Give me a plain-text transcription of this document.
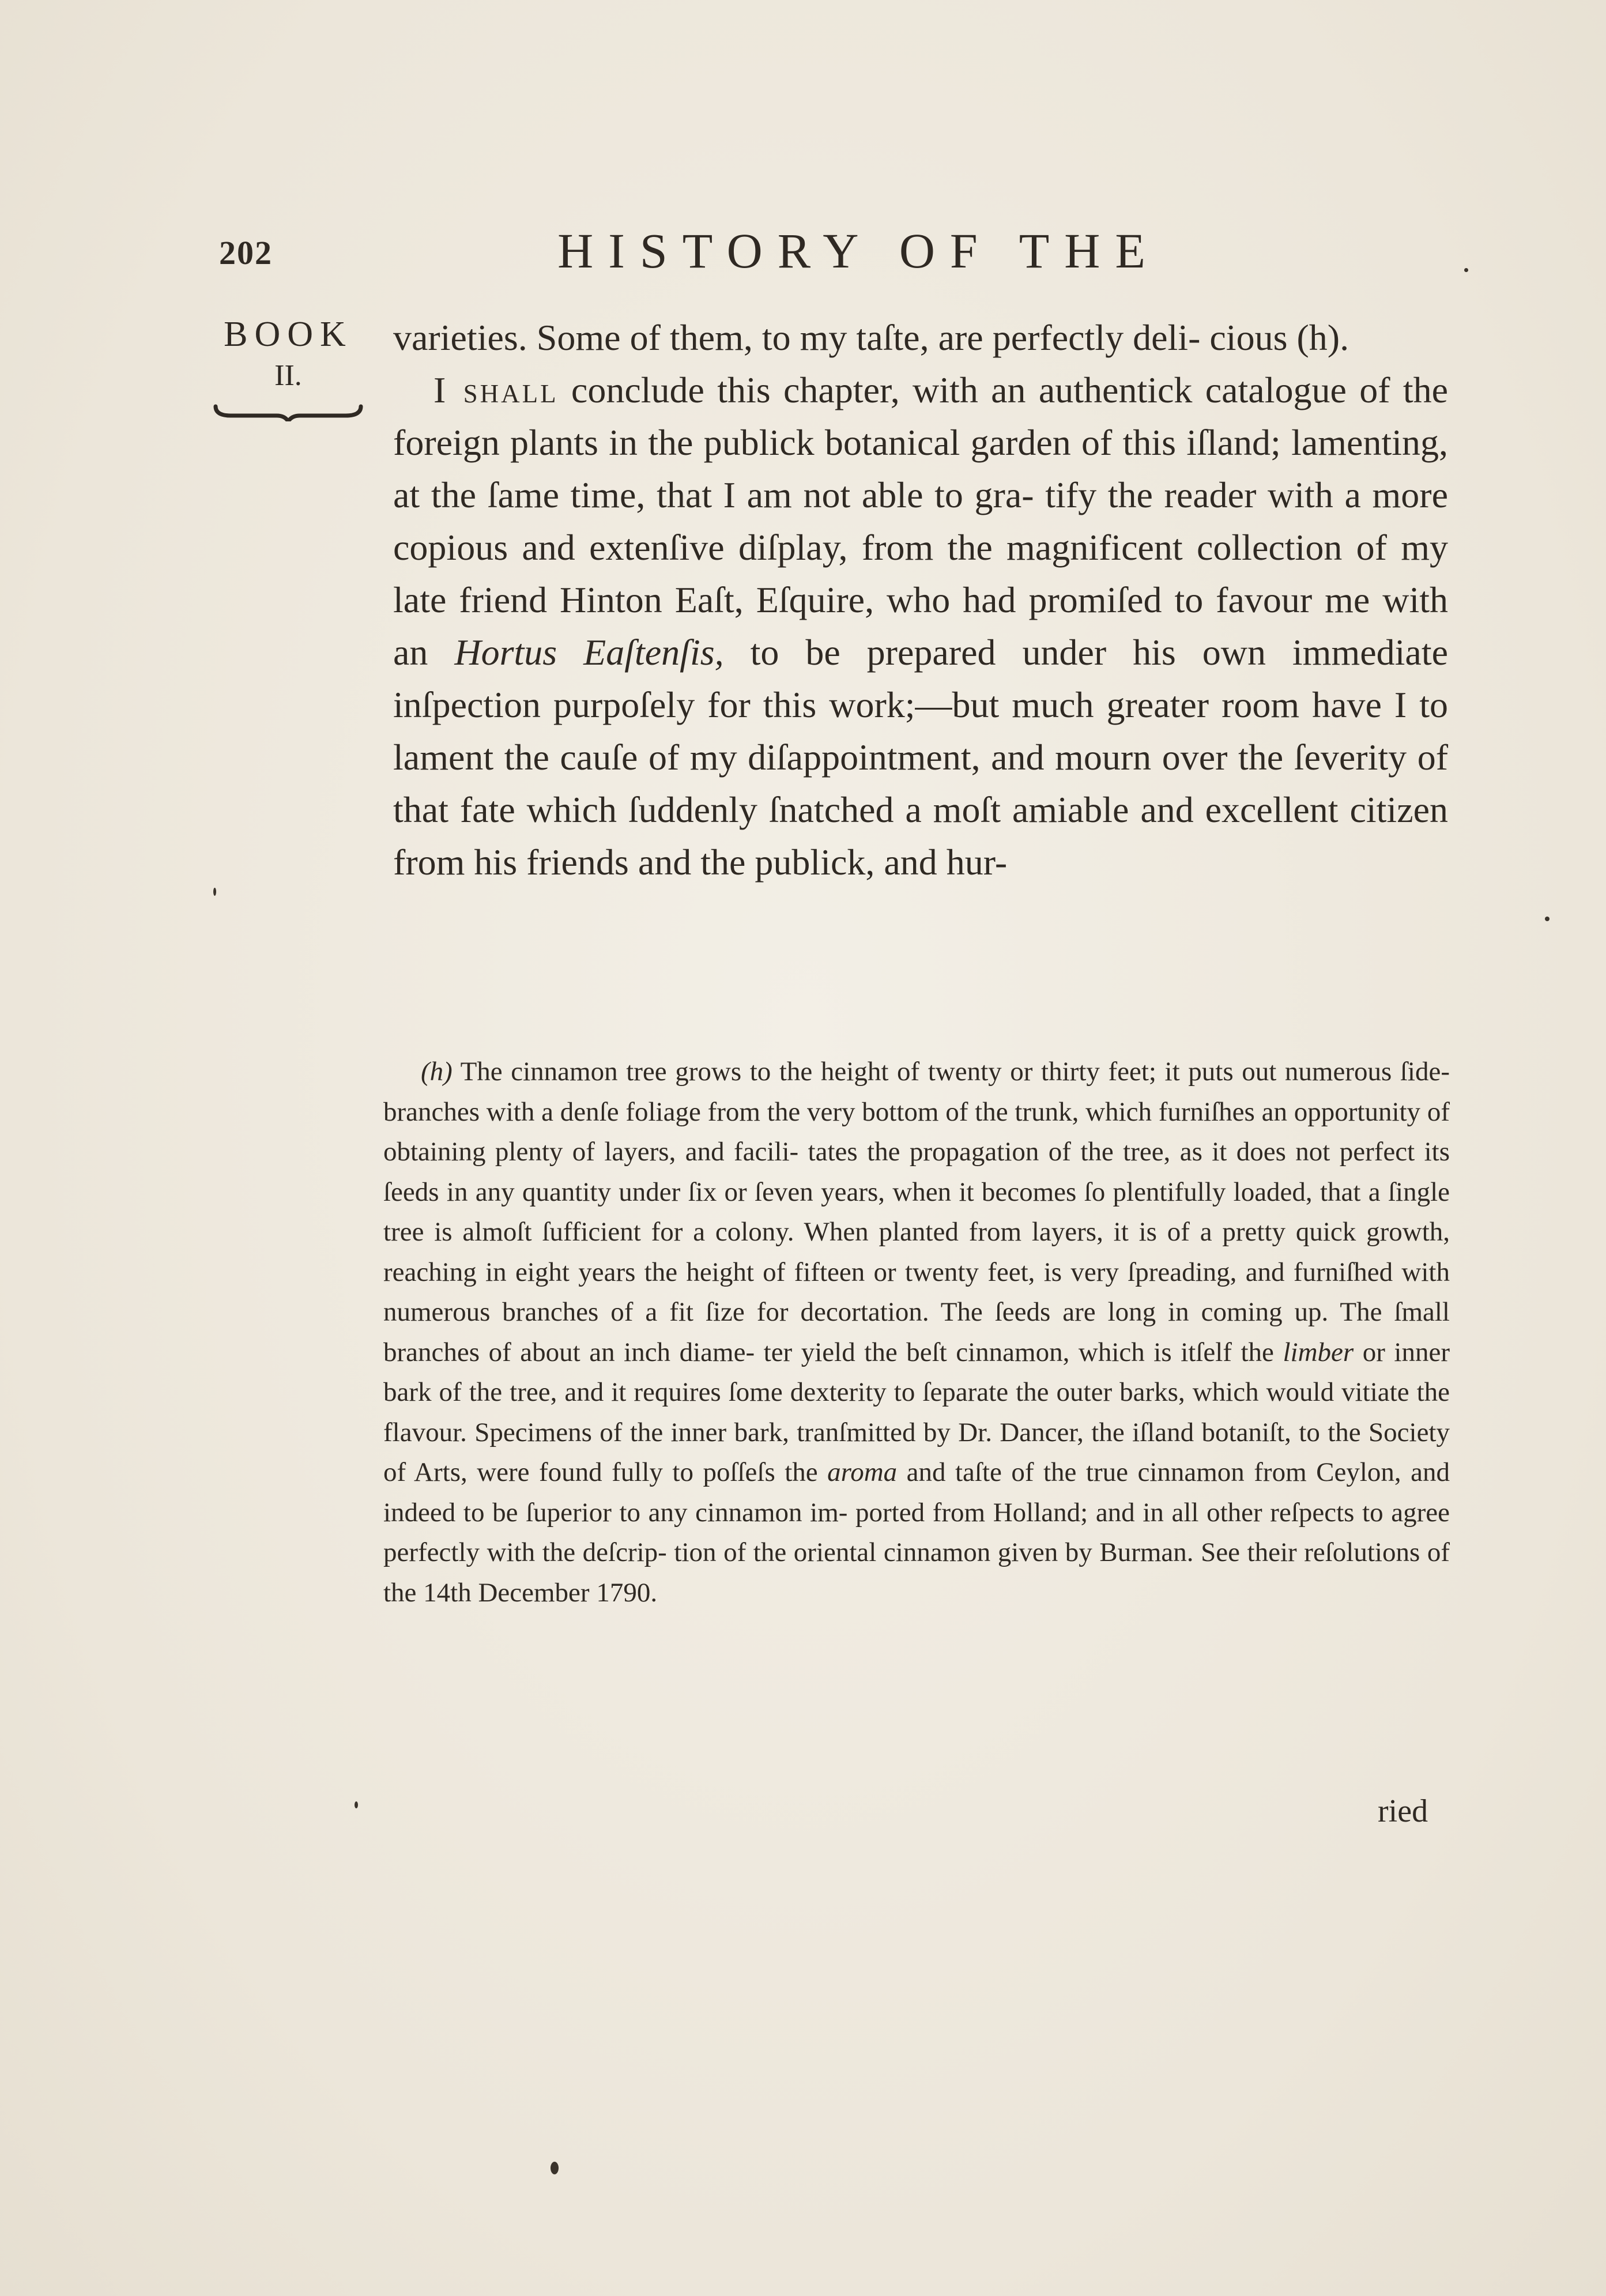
202	HISTORY OF THE
BOOK
II.

varieties. Some of them, to my taſte, are perfectly deli- cious (h).

I shall conclude this chapter, with an authentick catalogue of the foreign plants in the publick botanical garden of this iſland; lamenting, at the ſame time, that I am not able to gra- tify the reader with a more copious and extenſive diſplay, from the magnificent collection of my late friend Hinton Eaſt, Eſquire, who had promiſed to favour me with an Hortus Eaſtenſis, to be prepared under his own immediate inſpection purpoſely for this work;—but much greater room have I to lament the cauſe of my diſappointment, and mourn over the ſeverity of that fate which ſuddenly ſnatched a moſt amiable and excellent citizen from his friends and the publick, and hur-

(h) The cinnamon tree grows to the height of twenty or thirty feet; it puts out numerous ſide-branches with a denſe foliage from the very bottom of the trunk, which furniſhes an opportunity of obtaining plenty of layers, and facili- tates the propagation of the tree, as it does not perfect its ſeeds in any quantity under ſix or ſeven years, when it becomes ſo plentifully loaded, that a ſingle tree is almoſt ſufficient for a colony. When planted from layers, it is of a pretty quick growth, reaching in eight years the height of fifteen or twenty feet, is very ſpreading, and furniſhed with numerous branches of a fit ſize for decortation. The ſeeds are long in coming up. The ſmall branches of about an inch diame- ter yield the beſt cinnamon, which is itſelf the limber or inner bark of the tree, and it requires ſome dexterity to ſeparate the outer barks, which would vitiate the flavour. Specimens of the inner bark, tranſmitted by Dr. Dancer, the iſland botaniſt, to the Society of Arts, were found fully to poſſeſs the aroma and taſte of the true cinnamon from Ceylon, and indeed to be ſuperior to any cinnamon im- ported from Holland; and in all other reſpects to agree perfectly with the deſcrip- tion of the oriental cinnamon given by Burman. See their reſolutions of the 14th December 1790.

ried
